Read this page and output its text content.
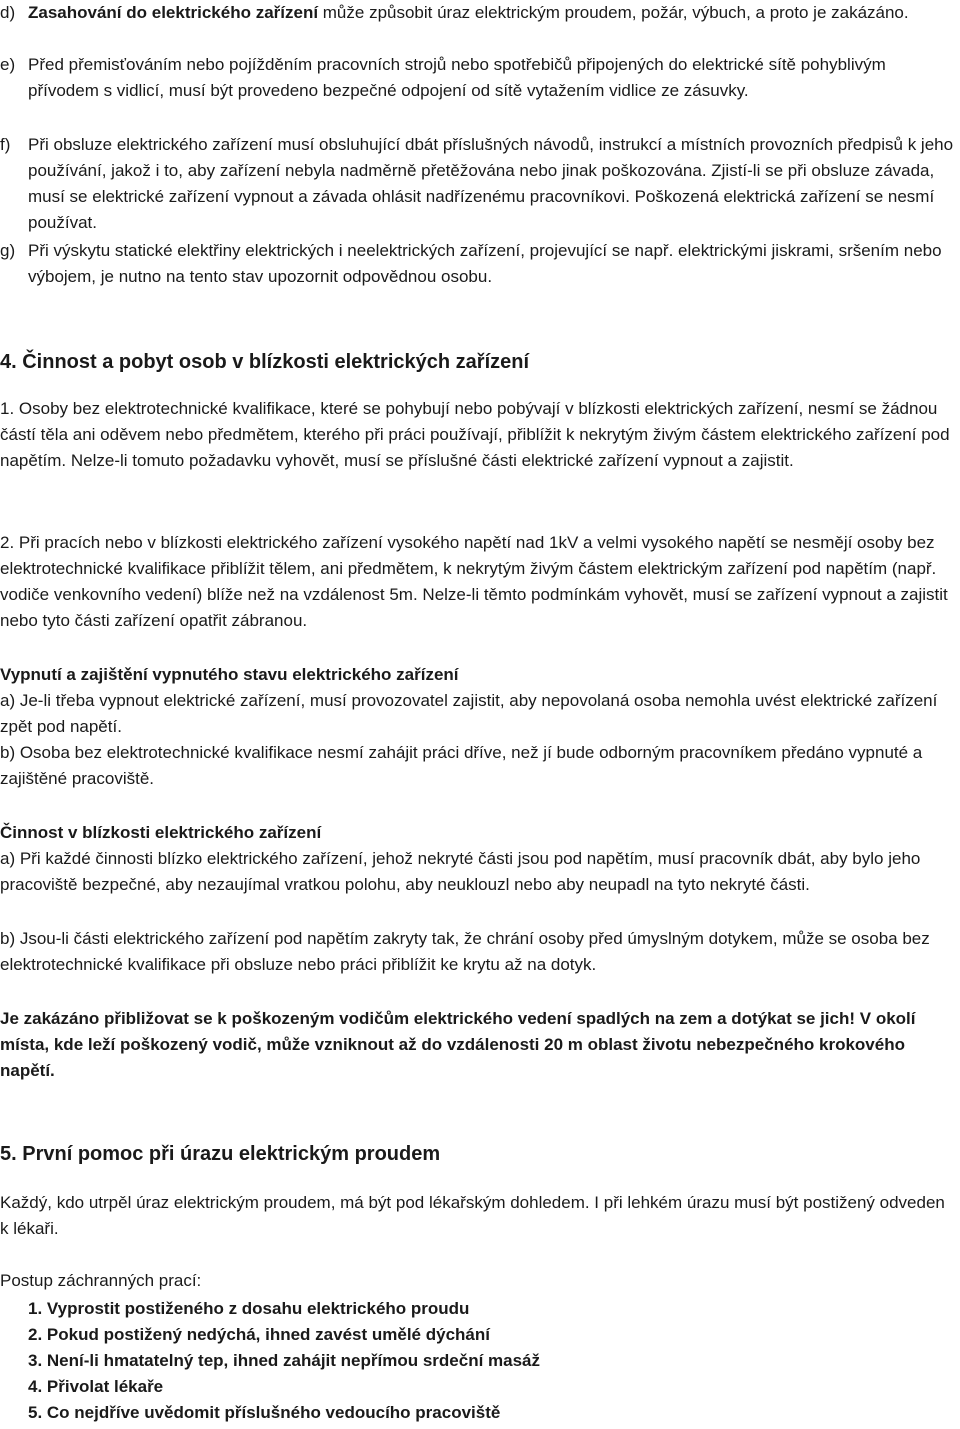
d) Zasahování do elektrického zařízení může způsobit úraz elektrickým proudem, požár, výbuch, a proto je zakázáno.
e) Před přemisťováním nebo pojížděním pracovních strojů nebo spotřebičů připojených do elektrické sítě pohyblivým přívodem s vidlicí, musí být provedeno bezpečné odpojení od sítě vytažením vidlice ze zásuvky.
f)	Při obsluze elektrického zařízení musí obsluhující dbát příslušných návodů, instrukcí a místních provozních předpisů k jeho používání, jakož i to, aby zařízení nebyla nadměrně přetěžována nebo jinak poškozována. Zjistí-li se při obsluze závada, musí se elektrické zařízení vypnout a závada ohlásit nadřízenému pracovníkovi. Poškozená elektrická zařízení se nesmí používat.
g) Při výskytu statické elektřiny elektrických i neelektrických zařízení, projevující se např. elektrickými jiskrami, sršením nebo výbojem, je nutno na tento stav upozornit odpovědnou osobu.
4. Činnost a pobyt osob v blízkosti elektrických zařízení

1. Osoby bez elektrotechnické kvalifikace, které se pohybují nebo pobývají v blízkosti elektrických zařízení, nesmí se žádnou částí těla ani oděvem nebo předmětem, kterého při práci používají, přiblížit k nekrytým živým částem elektrického zařízení pod napětím. Nelze-li tomuto požadavku vyhovět, musí se příslušné části elektrické zařízení vypnout a zajistit.

2. Při pracích nebo v blízkosti elektrického zařízení vysokého napětí nad 1kV a velmi vysokého napětí se nesmějí osoby bez elektrotechnické kvalifikace přiblížit tělem, ani předmětem, k nekrytým živým částem elektrickým zařízení pod napětím (např. vodiče venkovního vedení) blíže než na vzdálenost 5m. Nelze-li těmto podmínkám vyhovět, musí se zařízení vypnout a zajistit nebo tyto části zařízení opatřit zábranou.

Vypnutí a zajištění vypnutého stavu elektrického zařízení

a) Je-li třeba vypnout elektrické zařízení, musí provozovatel zajistit, aby nepovolaná osoba nemohla uvést elektrické zařízení zpět pod napětí.

b) Osoba bez elektrotechnické kvalifikace nesmí zahájit práci dříve, než jí bude odborným pracovníkem předáno vypnuté a zajištěné pracoviště.

Činnost v blízkosti elektrického zařízení

a) Při každé činnosti blízko elektrického zařízení, jehož nekryté části jsou pod napětím, musí pracovník dbát, aby bylo jeho pracoviště bezpečné, aby nezaujímal vratkou polohu, aby neuklouzl nebo aby neupadl na tyto nekryté části.

b) Jsou-li části elektrického zařízení pod napětím zakryty tak, že chrání osoby před úmyslným dotykem, může se osoba bez elektrotechnické kvalifikace při obsluze nebo práci přiblížit ke krytu až na dotyk.

Je zakázáno přibližovat se k poškozeným vodičům elektrického vedení spadlých na zem a dotýkat se jich! V okolí místa, kde leží poškozený vodič, může vzniknout až do vzdálenosti 20 m oblast životu nebezpečného krokového napětí.

5. První pomoc při úrazu elektrickým proudem

Každý, kdo utrpěl úraz elektrickým proudem, má být pod lékařským dohledem. I při lehkém úrazu musí být postižený odveden k lékaři.

Postup záchranných prací:

1. Vyprostit postiženého z dosahu elektrického proudu
2. Pokud postižený nedýchá, ihned zavést umělé dýchání
3. Není-li hmatatelný tep, ihned zahájit nepřímou srdeční masáž
4. Přivolat lékaře
5. Co nejdříve uvědomit příslušného vedoucího pracoviště
